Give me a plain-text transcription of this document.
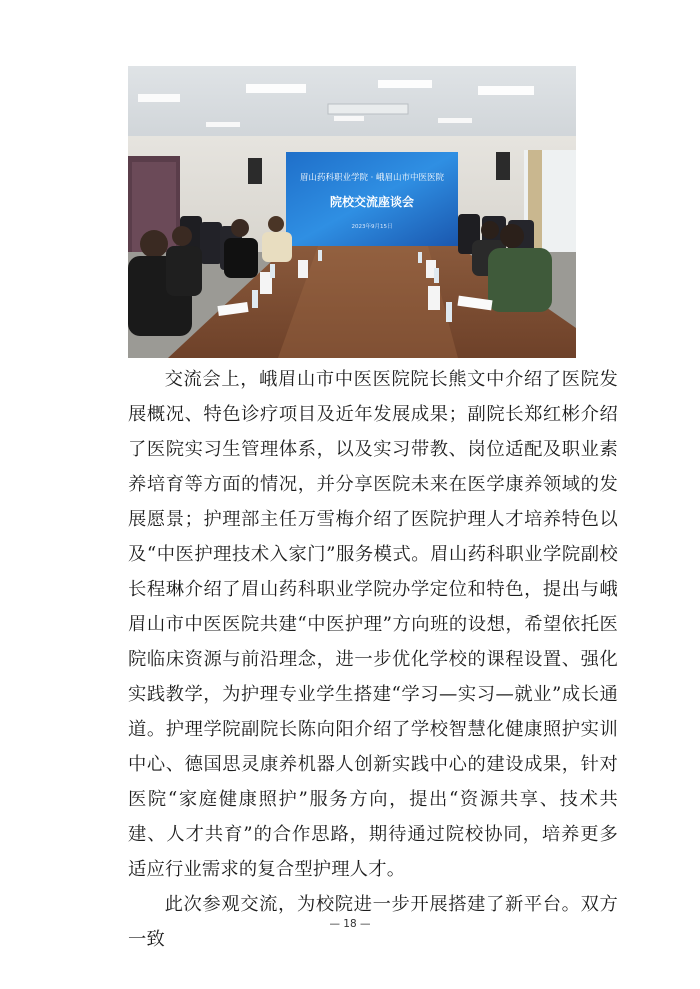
眉山药科职业学院 · 峨眉山市中医医院
院校交流座谈会
2023年9月15日

交流会上，峨眉山市中医医院院长熊文中介绍了医院发展概况、特色诊疗项目及近年发展成果；副院长郑红彬介绍了医院实习生管理体系，以及实习带教、岗位适配及职业素养培育等方面的情况，并分享医院未来在医学康养领域的发展愿景；护理部主任万雪梅介绍了医院护理人才培养特色以及“中医护理技术入家门”服务模式。眉山药科职业学院副校长程琳介绍了眉山药科职业学院办学定位和特色，提出与峨眉山市中医医院共建“中医护理”方向班的设想，希望依托医院临床资源与前沿理念，进一步优化学校的课程设置、强化实践教学，为护理专业学生搭建“学习—实习—就业”成长通道。护理学院副院长陈向阳介绍了学校智慧化健康照护实训中心、德国思灵康养机器人创新实践中心的建设成果，针对医院“家庭健康照护”服务方向，提出“资源共享、技术共建、人才共育”的合作思路，期待通过院校协同，培养更多适应行业需求的复合型护理人才。

此次参观交流，为校院进一步开展搭建了新平台。双方一致

— 18 —
